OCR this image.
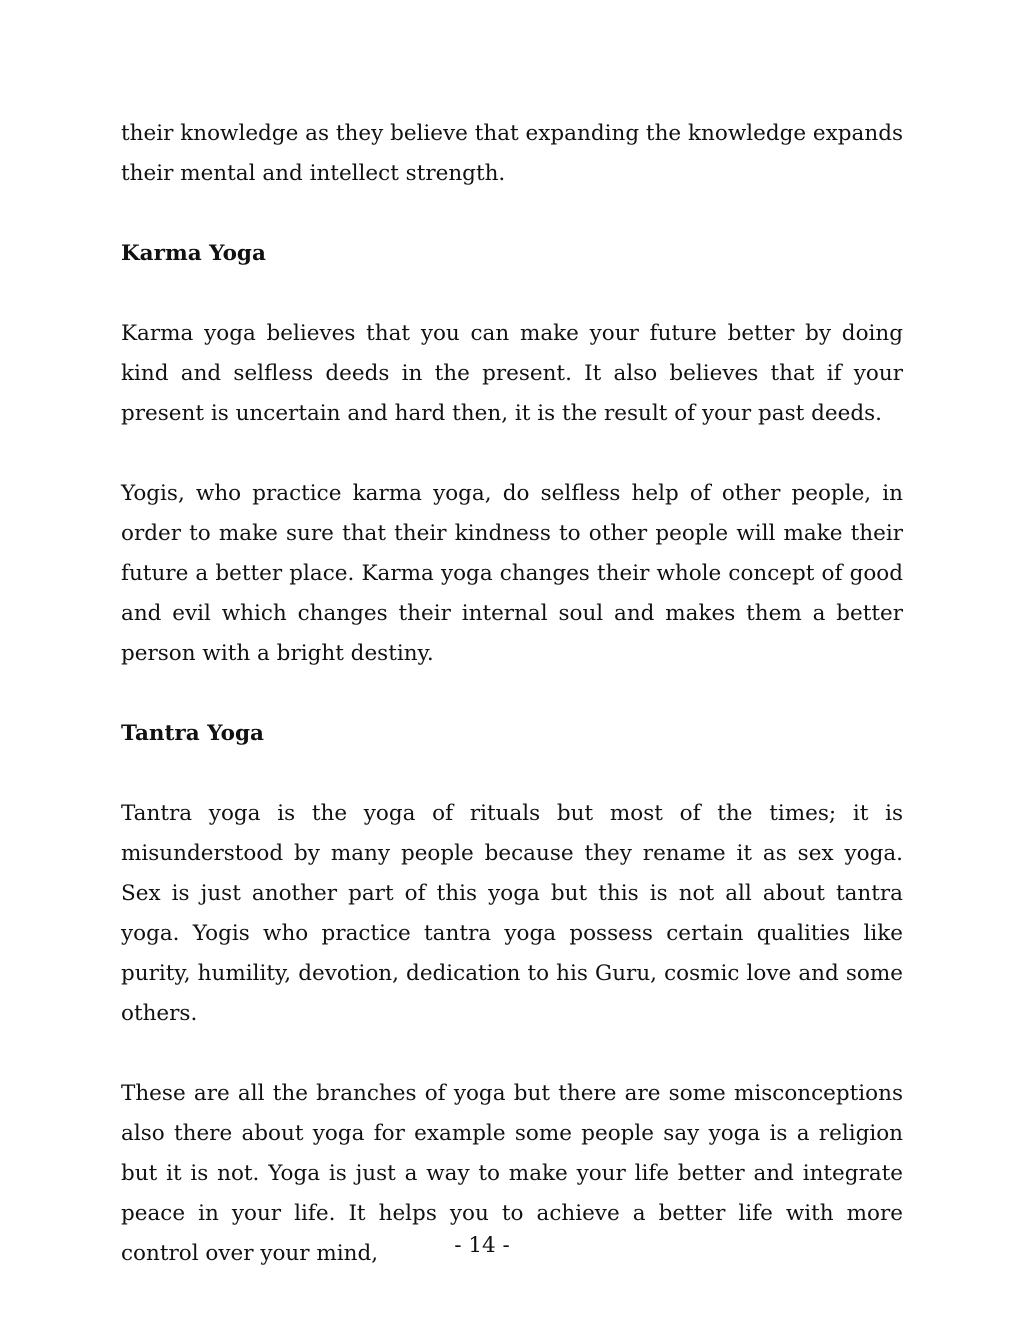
their knowledge as they believe that expanding the knowledge expands their mental and intellect strength.

Karma Yoga

Karma yoga believes that you can make your future better by doing kind and selfless deeds in the present. It also believes that if your present is uncertain and hard then, it is the result of your past deeds.

Yogis, who practice karma yoga, do selfless help of other people, in order to make sure that their kindness to other people will make their future a better place. Karma yoga changes their whole concept of good and evil which changes their internal soul and makes them a better person with a bright destiny.

Tantra Yoga

Tantra yoga is the yoga of rituals but most of the times; it is misunderstood by many people because they rename it as sex yoga. Sex is just another part of this yoga but this is not all about tantra yoga. Yogis who practice tantra yoga possess certain qualities like purity, humility, devotion, dedication to his Guru, cosmic love and some others.

These are all the branches of yoga but there are some misconceptions also there about yoga for example some people say yoga is a religion but it is not. Yoga is just a way to make your life better and integrate peace in your life. It helps you to achieve a better life with more control over your mind,	- 14 -
